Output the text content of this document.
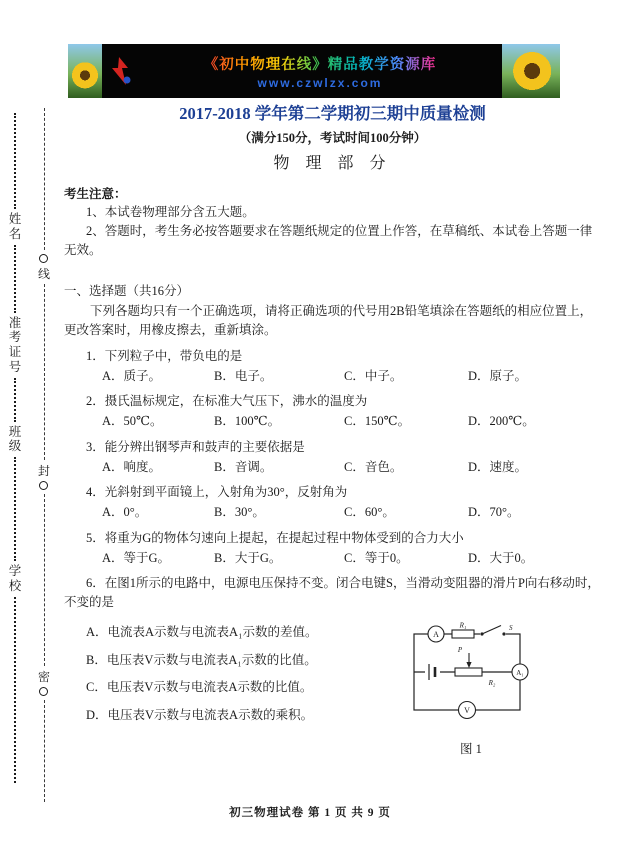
姓名
准考证号
班级
学校
线
封
密
《初中物理在线》精品教学资源库
www.czwlzx.com
2017-2018 学年第二学期初三期中质量检测
（满分150分，考试时间100分钟）
物 理 部 分
考生注意：
1、本试卷物理部分含五大题。
2、答题时，考生务必按答题要求在答题纸规定的位置上作答，在草稿纸、本试卷上答题一律无效。
一、选择题（共16分）
下列各题均只有一个正确选项，请将正确选项的代号用2B铅笔填涂在答题纸的相应位置上，更改答案时，用橡皮擦去，重新填涂。
1．下列粒子中，带负电的是
A．质子。	B．电子。	C．中子。	D．原子。
2．摄氏温标规定，在标准大气压下，沸水的温度为
A．50℃。	B．100℃。	C．150℃。	D．200℃。
3．能分辨出钢琴声和鼓声的主要依据是
A．响度。	B．音调。	C．音色。	D．速度。
4．光斜射到平面镜上，入射角为30°，反射角为
A．0°。	B．30°。	C．60°。	D．70°。
5．将重为G的物体匀速向上提起，在提起过程中物体受到的合力大小
A．等于G。	B．大于G。	C．等于0。	D．大于0。
6．在图1所示的电路中，电源电压保持不变。闭合电键S，当滑动变阻器的滑片P向右移动时，不变的是
A．电流表A示数与电流表A₁示数的差值。
B．电压表V示数与电流表A₁示数的比值。
C．电压表V示数与电流表A示数的比值。
D．电压表V示数与电流表A示数的乘积。
P
R₂
A
R₁	S
A₁
V
图 1
初三物理试卷 第 1 页 共 9 页
